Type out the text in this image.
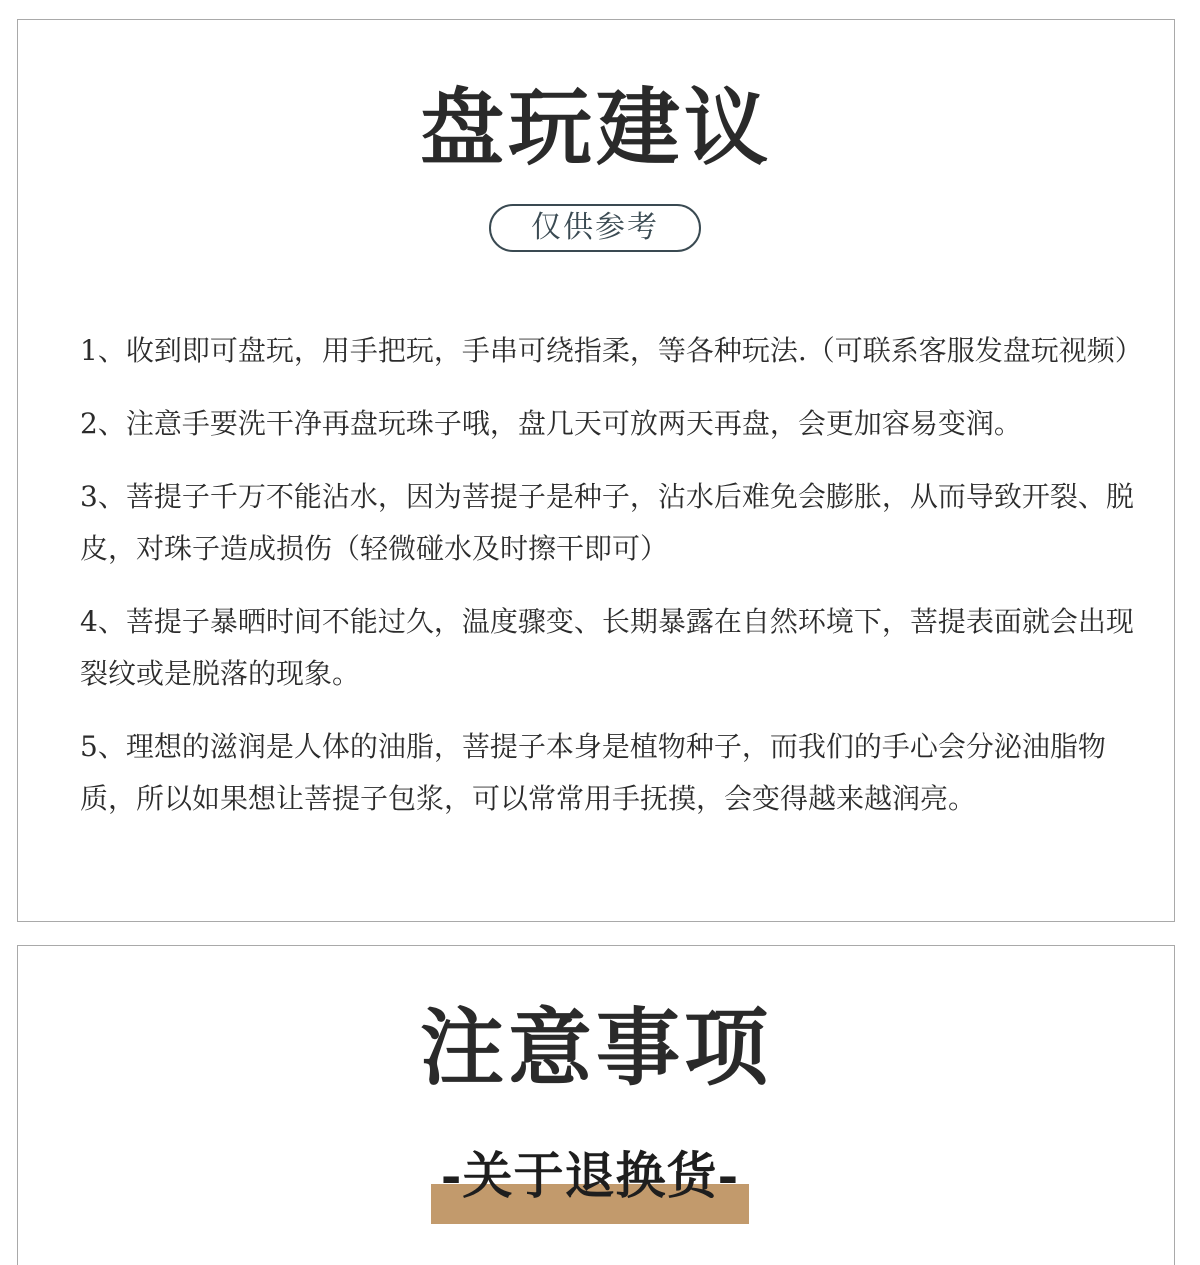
盘玩建议
仅供参考
1、收到即可盘玩，用手把玩，手串可绕指柔，等各种玩法.（可联系客服发盘玩视频）
2、注意手要洗干净再盘玩珠子哦，盘几天可放两天再盘，会更加容易变润。
3、菩提子千万不能沾水，因为菩提子是种子，沾水后难免会膨胀，从而导致开裂、脱皮，对珠子造成损伤（轻微碰水及时擦干即可）
4、菩提子暴晒时间不能过久，温度骤变、长期暴露在自然环境下，菩提表面就会出现裂纹或是脱落的现象。
5、理想的滋润是人体的油脂，菩提子本身是植物种子，而我们的手心会分泌油脂物质，所以如果想让菩提子包浆，可以常常用手抚摸，会变得越来越润亮。
注意事项
-关于退换货-
